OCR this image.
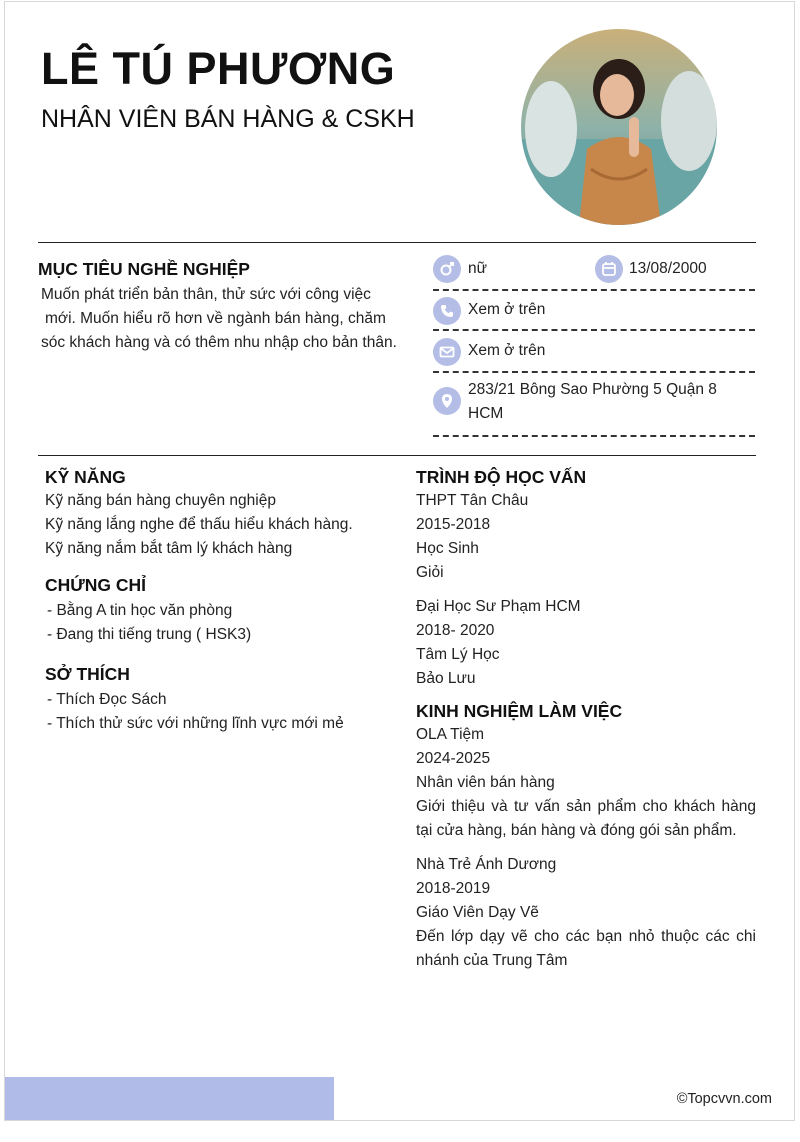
LÊ TÚ PHƯƠNG
NHÂN VIÊN BÁN HÀNG & CSKH
MỤC TIÊU NGHỀ NGHIỆP
Muốn phát triển bản thân, thử sức với công việc
mới. Muốn hiểu rõ hơn về ngành bán hàng, chăm
sóc khách hàng và có thêm nhu nhập cho bản thân.
nữ	13/08/2000
Xem ở trên
Xem ở trên
283/21 Bông Sao Phường 5 Quận 8
HCM
KỸ NĂNG
Kỹ năng bán hàng chuyên nghiệp
Kỹ năng lắng nghe để thấu hiểu khách hàng.
Kỹ năng nắm bắt tâm lý khách hàng
CHỨNG CHỈ
- Bằng A tin học văn phòng
- Đang thi tiếng trung ( HSK3)
SỞ THÍCH
- Thích Đọc Sách
- Thích thử sức với những lĩnh vực mới mẻ
TRÌNH ĐỘ HỌC VẤN
THPT Tân Châu
2015-2018
Học Sinh
Giỏi
Đại Học Sư Phạm HCM
2018- 2020
Tâm Lý Học
Bảo Lưu
KINH NGHIỆM LÀM VIỆC
OLA Tiệm
2024-2025
Nhân viên bán hàng
Giới thiệu và tư vấn sản phẩm cho khách hàng tại cửa hàng, bán hàng và đóng gói sản phẩm.
Nhà Trẻ Ánh Dương
2018-2019
Giáo Viên Dạy Vẽ
Đến lớp dạy vẽ cho các bạn nhỏ thuộc các chi nhánh của Trung Tâm
©Topcvvn.com
